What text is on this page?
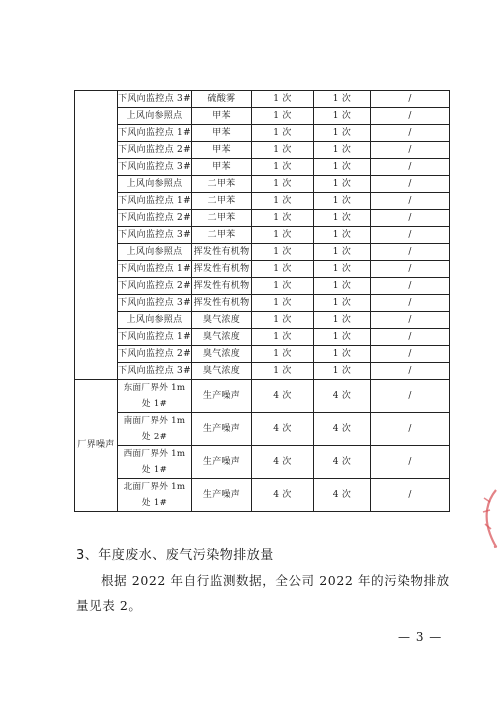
	下风向监控点 3#	硫酸雾	1 次	1 次	/
	上风向参照点	甲苯	1 次	1 次	/
	下风向监控点 1#	甲苯	1 次	1 次	/
	下风向监控点 2#	甲苯	1 次	1 次	/
	下风向监控点 3#	甲苯	1 次	1 次	/
	上风向参照点	二甲苯	1 次	1 次	/
	下风向监控点 1#	二甲苯	1 次	1 次	/
	下风向监控点 2#	二甲苯	1 次	1 次	/
	下风向监控点 3#	二甲苯	1 次	1 次	/
	上风向参照点	挥发性有机物	1 次	1 次	/
	下风向监控点 1#	挥发性有机物	1 次	1 次	/
	下风向监控点 2#	挥发性有机物	1 次	1 次	/
	下风向监控点 3#	挥发性有机物	1 次	1 次	/
	上风向参照点	臭气浓度	1 次	1 次	/
	下风向监控点 1#	臭气浓度	1 次	1 次	/
	下风向监控点 2#	臭气浓度	1 次	1 次	/
	下风向监控点 3#	臭气浓度	1 次	1 次	/
厂界噪声	东面厂界外 1m 处 1#	生产噪声	4 次	4 次	/
	南面厂界外 1m 处 2#	生产噪声	4 次	4 次	/
	西面厂界外 1m 处 1#	生产噪声	4 次	4 次	/
	北面厂界外 1m 处 1#	生产噪声	4 次	4 次	/
3、年度废水、废气污染物排放量
根据 2022 年自行监测数据，全公司 2022 年的污染物排放量见表 2。
— 3 —
